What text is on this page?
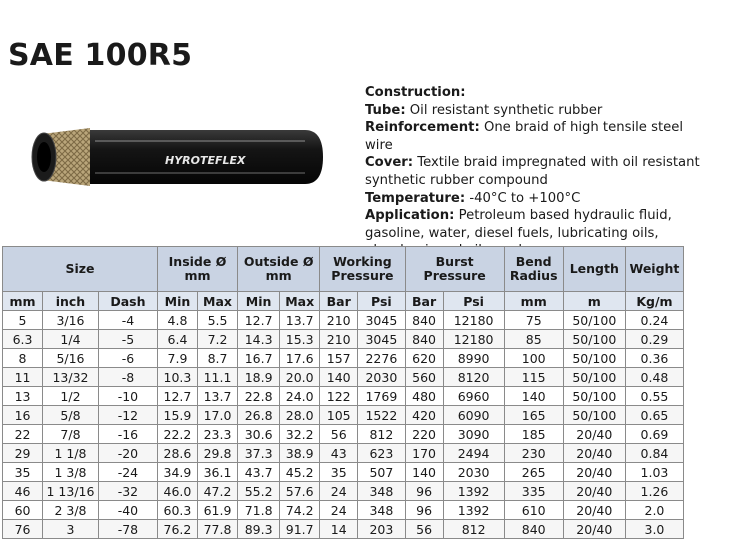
SAE 100R5
HYROTEFLEX
Construction:
Tube: Oil resistant synthetic rubber
Reinforcement: One braid of high tensile steel wire
Cover: Textile braid impregnated with oil resistant synthetic rubber compound
Temperature: -40°C to +100°C
Application: Petroleum based hydraulic fluid, gasoline, water, diesel fuels, lubricating oils,
Size			Inside Ø mm		Outside Ø mm		Working Pressure		Burst Pressure		Bend Radius	Length	Weight
mm	inch	Dash	Min	Max	Min	Max	Bar	Psi	Bar	Psi	mm	m	Kg/m
5	3/16	-4	4.8	5.5	12.7	13.7	210	3045	840	12180	75	50/100	0.24
6.3	1/4	-5	6.4	7.2	14.3	15.3	210	3045	840	12180	85	50/100	0.29
8	5/16	-6	7.9	8.7	16.7	17.6	157	2276	620	8990	100	50/100	0.36
11	13/32	-8	10.3	11.1	18.9	20.0	140	2030	560	8120	115	50/100	0.48
13	1/2	-10	12.7	13.7	22.8	24.0	122	1769	480	6960	140	50/100	0.55
16	5/8	-12	15.9	17.0	26.8	28.0	105	1522	420	6090	165	50/100	0.65
22	7/8	-16	22.2	23.3	30.6	32.2	56	812	220	3090	185	20/40	0.69
29	1 1/8	-20	28.6	29.8	37.3	38.9	43	623	170	2494	230	20/40	0.84
35	1 3/8	-24	34.9	36.1	43.7	45.2	35	507	140	2030	265	20/40	1.03
46	1 13/16	-32	46.0	47.2	55.2	57.6	24	348	96	1392	335	20/40	1.26
60	2 3/8	-40	60.3	61.9	71.8	74.2	24	348	96	1392	610	20/40	2.0
76	3	-78	76.2	77.8	89.3	91.7	14	203	56	812	840	20/40	3.0
